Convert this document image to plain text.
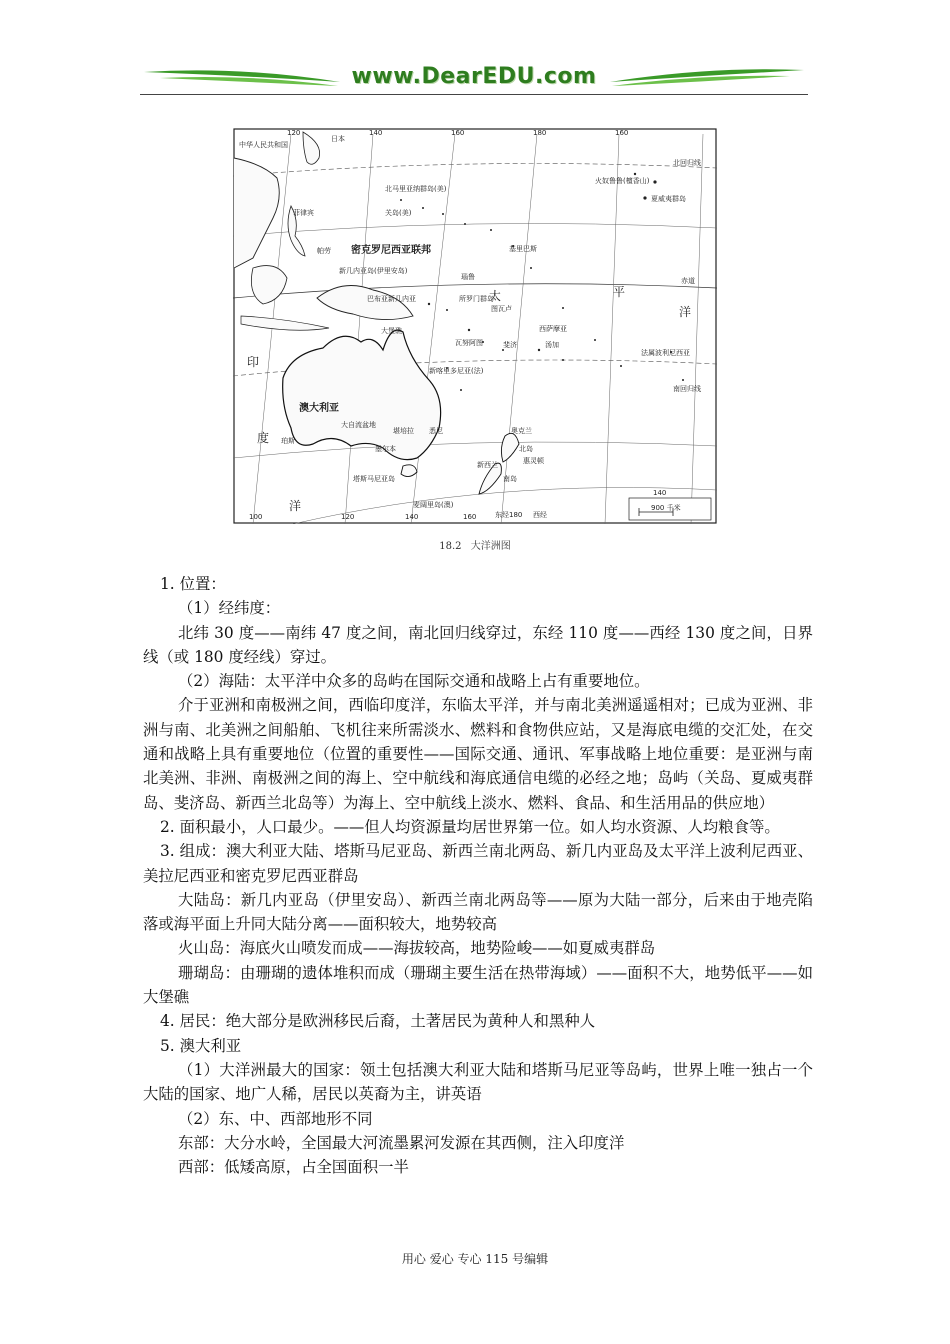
www.DearEDU.com
中华人民共和国
日本
菲律宾
北马里亚纳群岛(美)
关岛(美)
密克罗尼西亚联邦
帕劳
新几内亚岛(伊里安岛)
巴布亚新几内亚	所罗门群岛
瑙鲁
基里巴斯
图瓦卢
瓦努阿图	斐济
西萨摩亚
汤加
新喀里多尼亚(法)
法属波利尼西亚
夏威夷群岛
火奴鲁鲁(檀香山)
澳大利亚
大堡礁
大自流盆地
珀斯
悉尼
堪培拉
墨尔本
塔斯马尼亚岛
新西兰
北岛
南岛
奥克兰
惠灵顿
赤道
北回归线
南回归线
麦阔里岛(澳)
东经180 西经
印
度
洋
太	平
洋
900 千米
120	140	160	180	160
100	120	140	160
140
18.2 大洋洲图

1. 位置：

（1）经纬度：

北纬 30 度——南纬 47 度之间，南北回归线穿过，东经 110 度——西经 130 度之间，日界线（或 180 度经线）穿过。

（2）海陆：太平洋中众多的岛屿在国际交通和战略上占有重要地位。

介于亚洲和南极洲之间，西临印度洋，东临太平洋，并与南北美洲遥遥相对；已成为亚洲、非洲与南、北美洲之间船舶、飞机往来所需淡水、燃料和食物供应站，又是海底电缆的交汇处，在交通和战略上具有重要地位（位置的重要性——国际交通、通讯、军事战略上地位重要：是亚洲与南北美洲、非洲、南极洲之间的海上、空中航线和海底通信电缆的必经之地；岛屿（关岛、夏威夷群岛、斐济岛、新西兰北岛等）为海上、空中航线上淡水、燃料、食品、和生活用品的供应地）

2. 面积最小，人口最少。——但人均资源量均居世界第一位。如人均水资源、人均粮食等。

3. 组成：澳大利亚大陆、塔斯马尼亚岛、新西兰南北两岛、新几内亚岛及太平洋上波利尼西亚、美拉尼西亚和密克罗尼西亚群岛

大陆岛：新几内亚岛（伊里安岛）、新西兰南北两岛等——原为大陆一部分，后来由于地壳陷落或海平面上升同大陆分离——面积较大，地势较高

火山岛：海底火山喷发而成——海拔较高，地势险峻——如夏威夷群岛

珊瑚岛：由珊瑚的遗体堆积而成（珊瑚主要生活在热带海域）——面积不大，地势低平——如大堡礁

4. 居民：绝大部分是欧洲移民后裔，土著居民为黄种人和黑种人

5. 澳大利亚

（1）大洋洲最大的国家：领土包括澳大利亚大陆和塔斯马尼亚等岛屿，世界上唯一独占一个大陆的国家、地广人稀，居民以英裔为主，讲英语

（2）东、中、西部地形不同

东部：大分水岭，全国最大河流墨累河发源在其西侧，注入印度洋

西部：低矮高原，占全国面积一半

用心 爱心 专心 115 号编辑
